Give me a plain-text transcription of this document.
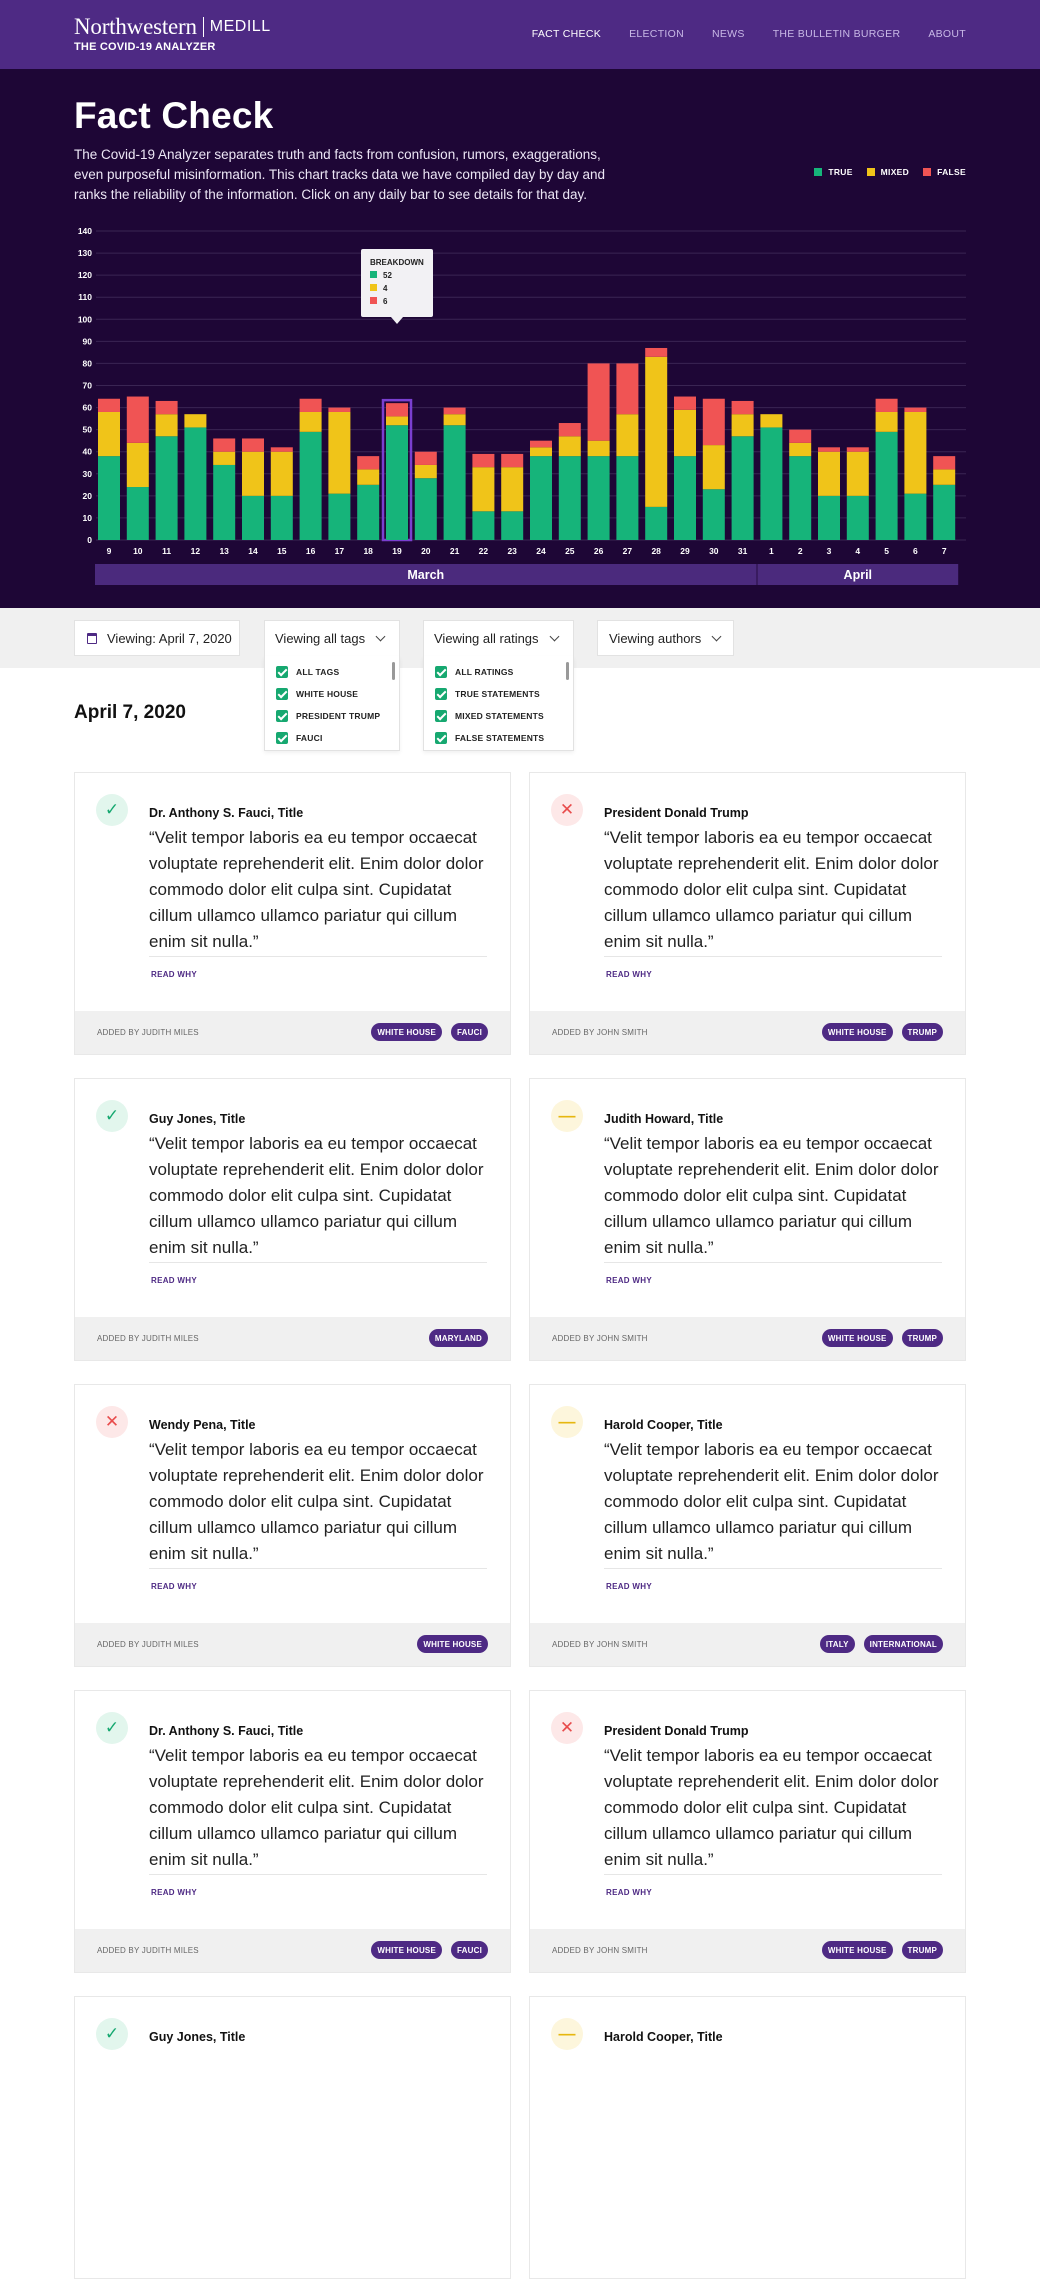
Northwestern MEDILL
THE COVID-19 ANALYZER
FACT CHECK	ELECTION	NEWS	THE BULLETIN BURGER	ABOUT
Fact Check

The Covid-19 Analyzer separates truth and facts from confusion, rumors, exaggerations, even purposeful misinformation. This chart tracks data we have compiled day by day and ranks the reliability of the information. Click on any daily bar to see details for that day.

TRUE	MIXED	FALSE
0
10
20
30
40
50
60
70
80
90
100
110
120
130
140
9	10 11 12 13 14 15 16 17 18 19 20 21 22 23 24 25 26 27 28 29 30 31	1	2	3	4	5	6	7
March	April
BREAKDOWN
52
4
6
Viewing: April 7, 2020	Viewing all tags	Viewing all ratings	Viewing authors
ALL TAGS
WHITE HOUSE
PRESIDENT TRUMP
FAUCI
ALL RATINGS
TRUE STATEMENTS
MIXED STATEMENTS
FALSE STATEMENTS
April 7, 2020
✓	Dr. Anthony S. Fauci, Title
“Velit tempor laboris ea eu tempor occaecat voluptate reprehenderit elit. Enim dolor dolor commodo dolor elit culpa sint. Cupidatat cillum ullamco ullamco pariatur qui cillum enim sit nulla.”
READ WHY
ADDED BY JUDITH MILES	WHITE HOUSE	FAUCI
✕	President Donald Trump
“Velit tempor laboris ea eu tempor occaecat voluptate reprehenderit elit. Enim dolor dolor commodo dolor elit culpa sint. Cupidatat cillum ullamco ullamco pariatur qui cillum enim sit nulla.”
READ WHY
ADDED BY JOHN SMITH	WHITE HOUSE	TRUMP
✓	Guy Jones, Title
“Velit tempor laboris ea eu tempor occaecat voluptate reprehenderit elit. Enim dolor dolor commodo dolor elit culpa sint. Cupidatat cillum ullamco ullamco pariatur qui cillum enim sit nulla.”
READ WHY
ADDED BY JUDITH MILES	MARYLAND
—	Judith Howard, Title
“Velit tempor laboris ea eu tempor occaecat voluptate reprehenderit elit. Enim dolor dolor commodo dolor elit culpa sint. Cupidatat cillum ullamco ullamco pariatur qui cillum enim sit nulla.”
READ WHY
ADDED BY JOHN SMITH	WHITE HOUSE	TRUMP
✕	Wendy Pena, Title
“Velit tempor laboris ea eu tempor occaecat voluptate reprehenderit elit. Enim dolor dolor commodo dolor elit culpa sint. Cupidatat cillum ullamco ullamco pariatur qui cillum enim sit nulla.”
READ WHY
ADDED BY JUDITH MILES	WHITE HOUSE
—	Harold Cooper, Title
“Velit tempor laboris ea eu tempor occaecat voluptate reprehenderit elit. Enim dolor dolor commodo dolor elit culpa sint. Cupidatat cillum ullamco ullamco pariatur qui cillum enim sit nulla.”
READ WHY
ADDED BY JOHN SMITH	ITALY	INTERNATIONAL
✓	Dr. Anthony S. Fauci, Title
“Velit tempor laboris ea eu tempor occaecat voluptate reprehenderit elit. Enim dolor dolor commodo dolor elit culpa sint. Cupidatat cillum ullamco ullamco pariatur qui cillum enim sit nulla.”
READ WHY
ADDED BY JUDITH MILES	WHITE HOUSE	FAUCI
✕	President Donald Trump
“Velit tempor laboris ea eu tempor occaecat voluptate reprehenderit elit. Enim dolor dolor commodo dolor elit culpa sint. Cupidatat cillum ullamco ullamco pariatur qui cillum enim sit nulla.”
READ WHY
ADDED BY JOHN SMITH	WHITE HOUSE	TRUMP
✓	Guy Jones, Title	—	Harold Cooper, Title
